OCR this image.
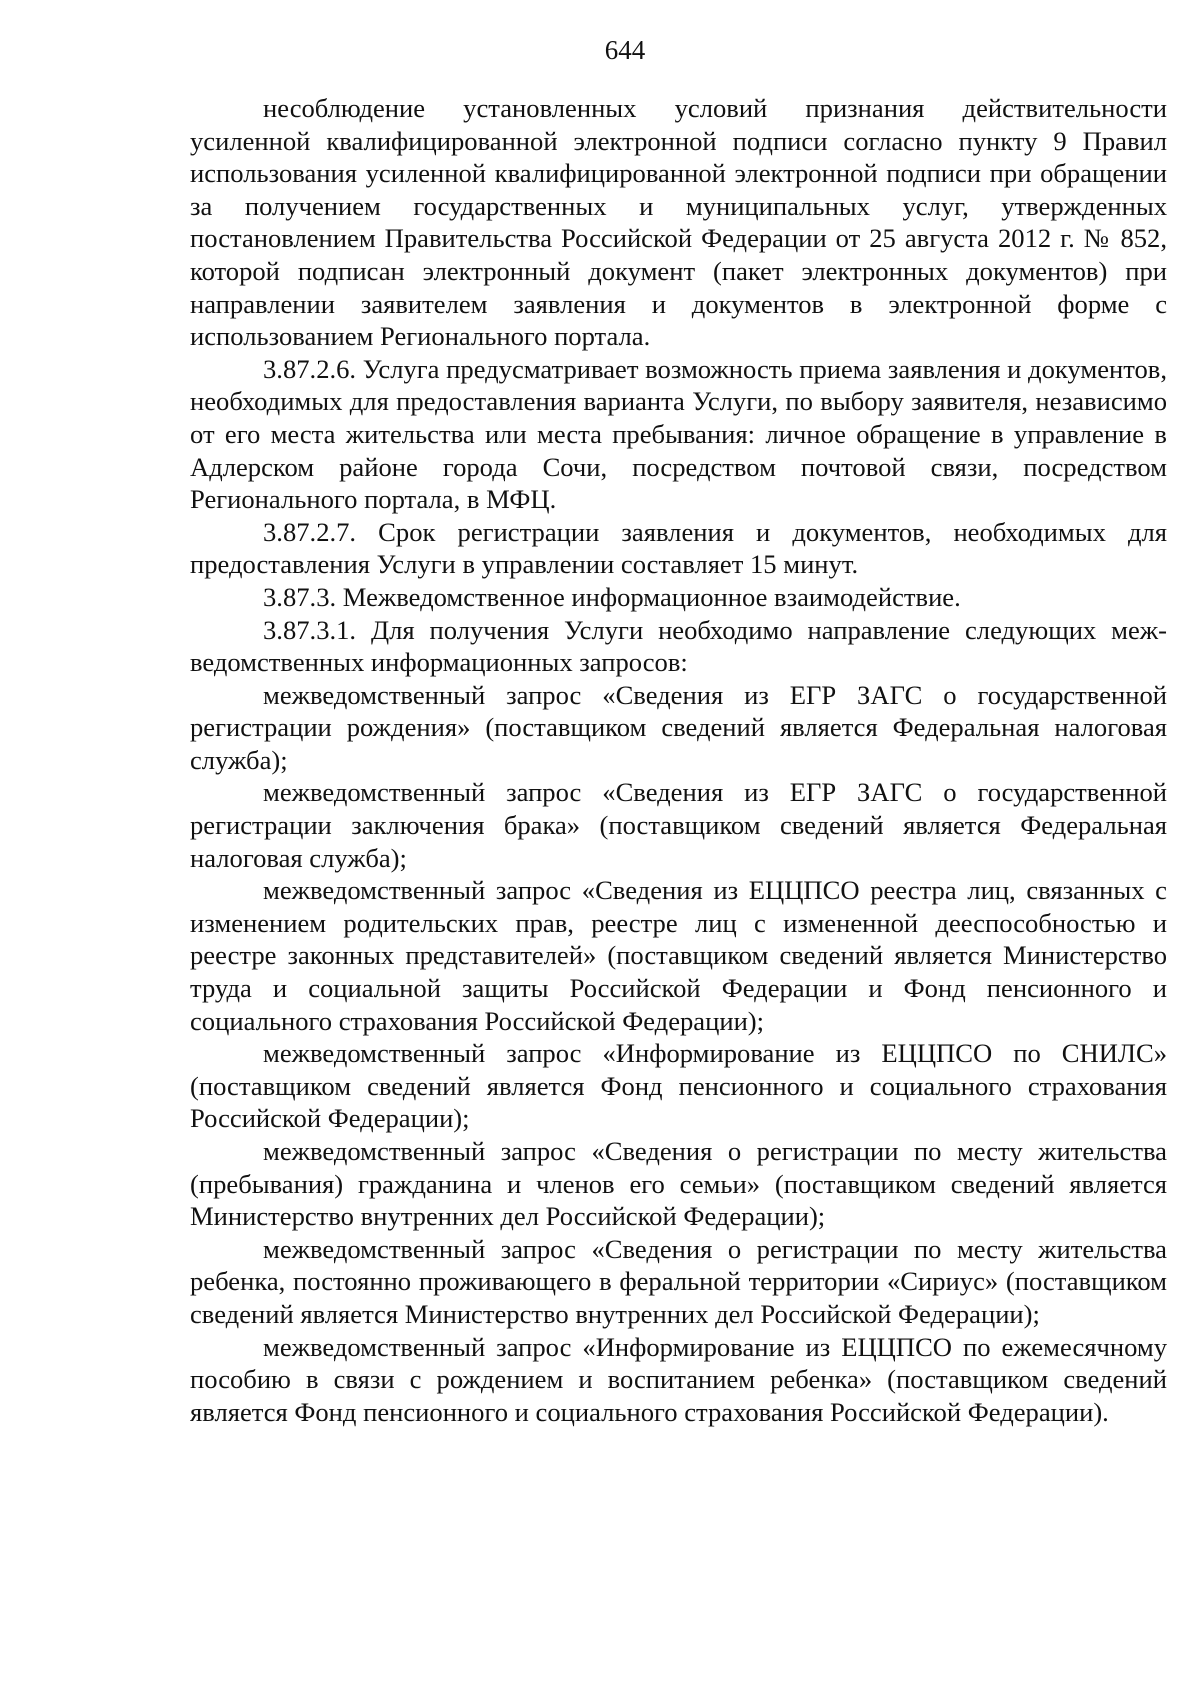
644

несоблюдение установленных условий признания действительности усиленной квалифицированной электронной подписи согласно пункту 9 Правил использования усиленной квалифицированной электронной подписи при обращении за получением государственных и муниципальных услуг, утвержденных постановлением Правительства Российской Федерации от 25 августа 2012 г. № 852, которой подписан электронный документ (пакет электронных документов) при направлении заявителем заявления и документов в электронной форме с использованием Регионального портала.

3.87.2.6. Услуга предусматривает возможность приема заявления и документов, необходимых для предоставления варианта Услуги, по выбору заявителя, независимо от его места жительства или места пребывания: личное обращение в управление в Адлерском районе города Сочи, посредством почтовой связи, посредством Регионального портала, в МФЦ.

3.87.2.7. Срок регистрации заявления и документов, необходимых для предоставления Услуги в управлении составляет 15 минут.

3.87.3. Межведомственное информационное взаимодействие.

3.87.3.1. Для получения Услуги необходимо направление следующих межведомственных информационных запросов:

межведомственный запрос «Сведения из ЕГР ЗАГС о государственной регистрации рождения» (поставщиком сведений является Федеральная налоговая служба);

межведомственный запрос «Сведения из ЕГР ЗАГС о государственной регистрации заключения брака» (поставщиком сведений является Федеральная налоговая служба);

межведомственный запрос «Сведения из ЕЦЦПСО реестра лиц, связанных с изменением родительских прав, реестре лиц с измененной дееспособностью и реестре законных представителей» (поставщиком сведений является Министерство труда и социальной защиты Российской Федерации и Фонд пенсионного и социального страхования Российской Федерации);

межведомственный запрос «Информирование из ЕЦЦПСО по СНИЛС» (поставщиком сведений является Фонд пенсионного и социального страхования Российской Федерации);

межведомственный запрос «Сведения о регистрации по месту жительства (пребывания) гражданина и членов его семьи» (поставщиком сведений является Министерство внутренних дел Российской Федерации);

межведомственный запрос «Сведения о регистрации по месту жительства ребенка, постоянно проживающего в феральной территории «Сириус» (поставщиком сведений является Министерство внутренних дел Российской Федерации);

межведомственный запрос «Информирование из ЕЦЦПСО по ежемесячному пособию в связи с рождением и воспитанием ребенка» (поставщиком сведений является Фонд пенсионного и социального страхования Российской Федерации).
